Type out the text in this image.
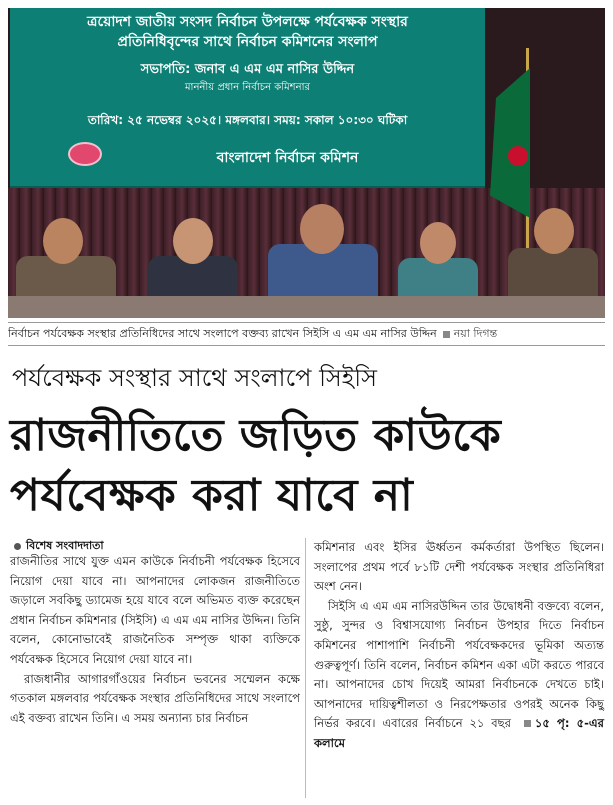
ত্রয়োদশ জাতীয় সংসদ নির্বাচন উপলক্ষে পর্যবেক্ষক সংস্থার
প্রতিনিধিবৃন্দের সাথে নির্বাচন কমিশনের সংলাপ
সভাপতি: জনাব এ এম এম নাসির উদ্দিন
মাননীয় প্রধান নির্বাচন কমিশনার
তারিখ: ২৫ নভেম্বর ২০২৫। মঙ্গলবার। সময়: সকাল ১০:৩০ ঘটিকা
বাংলাদেশ নির্বাচন কমিশন
নির্বাচন পর্যবেক্ষক সংস্থার প্রতিনিধিদের সাথে সংলাপে বক্তব্য রাখেন সিইসি এ এম এম নাসির উদ্দিন নয়া দিগন্ত
পর্যবেক্ষক সংস্থার সাথে সংলাপে সিইসি
রাজনীতিতে জড়িত কাউকে
পর্যবেক্ষক করা যাবে না
বিশেষ সংবাদদাতা

রাজনীতির সাথে যুক্ত এমন কাউকে নির্বাচনী পর্যবেক্ষক হিসেবে নিয়োগ দেয়া যাবে না। আপনাদের লোকজন রাজনীতিতে জড়ালে সবকিছু ড্যামেজ হয়ে যাবে বলে অভিমত ব্যক্ত করেছেন প্রধান নির্বাচন কমিশনার (সিইসি) এ এম এম নাসির উদ্দিন। তিনি বলেন, কোনোভাবেই রাজনৈতিক সম্পৃক্ত থাকা ব্যক্তিকে পর্যবেক্ষক হিসেবে নিয়োগ দেয়া যাবে না।

রাজধানীর আগারগাঁওয়ের নির্বাচন ভবনের সম্মেলন কক্ষে গতকাল মঙ্গলবার পর্যবেক্ষক সংস্থার প্রতিনিধিদের সাথে সংলাপে এই বক্তব্য রাখেন তিনি। এ সময় অন্যান্য চার নির্বাচন

কমিশনার এবং ইসির ঊর্ধ্বতন কর্মকর্তারা উপস্থিত ছিলেন। সংলাপের প্রথম পর্বে ৮১টি দেশী পর্যবেক্ষক সংস্থার প্রতিনিধিরা অংশ নেন।

সিইসি এ এম এম নাসিরউদ্দিন তার উদ্বোধনী বক্তব্যে বলেন, সুষ্ঠু, সুন্দর ও বিশ্বাসযোগ্য নির্বাচন উপহার দিতে নির্বাচন কমিশনের পাশাপাশি নির্বাচনী পর্যবেক্ষকদের ভূমিকা অত্যন্ত গুরুত্বপূর্ণ। তিনি বলেন, নির্বাচন কমিশন একা এটা করতে পারবে না। আপনাদের চোখ দিয়েই আমরা নির্বাচনকে দেখতে চাই। আপনাদের দায়িত্বশীলতা ও নিরপেক্ষতার ওপরই অনেক কিছু নির্ভর করবে। এবারের নির্বাচনে ২১ বছর ১৫ পৃ: ৫-এর কলামে
